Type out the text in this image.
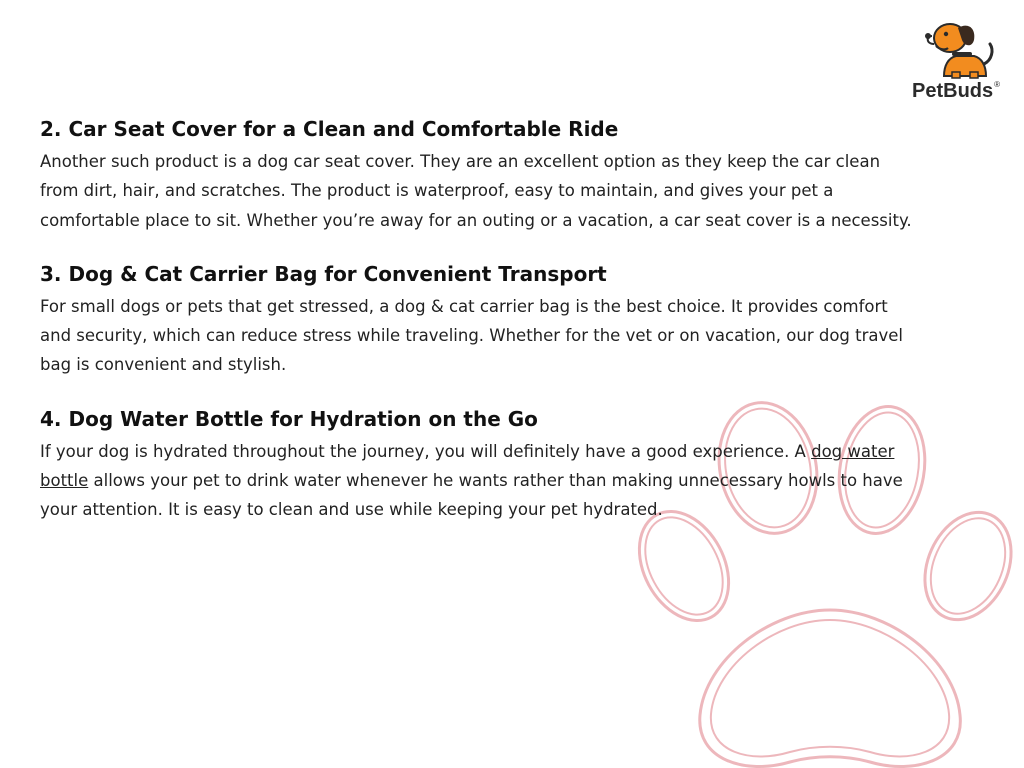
PetBuds®
2. Car Seat Cover for a Clean and Comfortable Ride

Another such product is a dog car seat cover. They are an excellent option as they keep the car clean from dirt, hair, and scratches. The product is waterproof, easy to maintain, and gives your pet a comfortable place to sit. Whether you’re away for an outing or a vacation, a car seat cover is a necessity.

3. Dog & Cat Carrier Bag for Convenient Transport

For small dogs or pets that get stressed, a dog & cat carrier bag is the best choice. It provides comfort and security, which can reduce stress while traveling. Whether for the vet or on vacation, our dog travel bag is convenient and stylish.

4. Dog Water Bottle for Hydration on the Go

If your dog is hydrated throughout the journey, you will definitely have a good experience. A dog water bottle allows your pet to drink water whenever he wants rather than making unnecessary howls to have your attention. It is easy to clean and use while keeping your pet hydrated.
